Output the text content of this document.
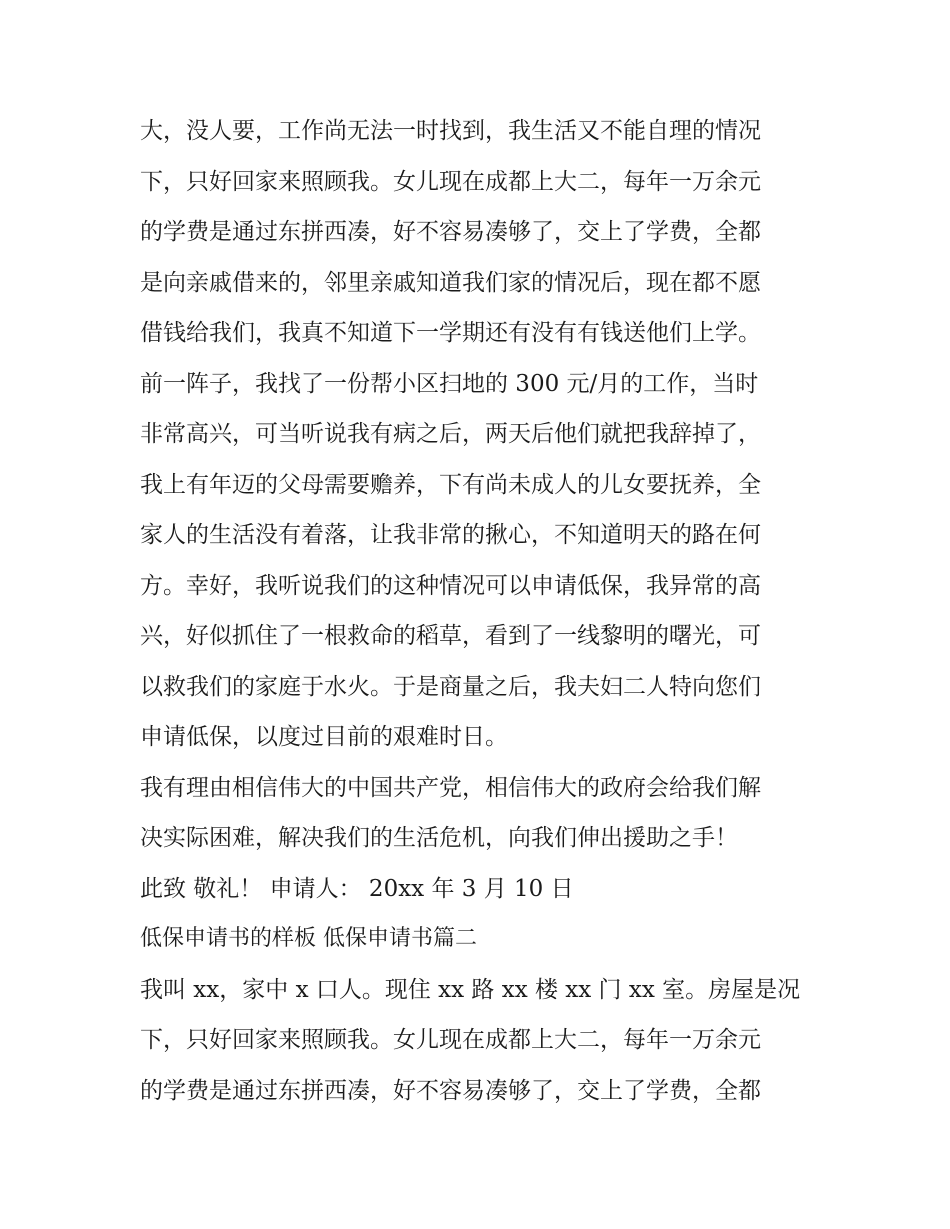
大，没人要，工作尚无法一时找到，我生活又不能自理的情况
下，只好回家来照顾我。女儿现在成都上大二，每年一万余元
的学费是通过东拼西凑，好不容易凑够了，交上了学费，全都
是向亲戚借来的，邻里亲戚知道我们家的情况后，现在都不愿
借钱给我们，我真不知道下一学期还有没有有钱送他们上学。
前一阵子，我找了一份帮小区扫地的 300 元/月的工作，当时
非常高兴，可当听说我有病之后，两天后他们就把我辞掉了，
我上有年迈的父母需要赡养，下有尚未成人的儿女要抚养，全
家人的生活没有着落，让我非常的揪心，不知道明天的路在何
方。幸好，我听说我们的这种情况可以申请低保，我异常的高
兴，好似抓住了一根救命的稻草，看到了一线黎明的曙光，可
以救我们的家庭于水火。于是商量之后，我夫妇二人特向您们
申请低保，以度过目前的艰难时日。
我有理由相信伟大的中国共产党，相信伟大的政府会给我们解
决实际困难，解决我们的生活危机，向我们伸出援助之手！
此致 敬礼！ 申请人： 20xx 年 3 月 10 日
低保申请书的样板 低保申请书篇二
我叫 xx，家中 x 口人。现住 xx 路 xx 楼 xx 门 xx 室。房屋是况
下，只好回家来照顾我。女儿现在成都上大二，每年一万余元
的学费是通过东拼西凑，好不容易凑够了，交上了学费，全都
